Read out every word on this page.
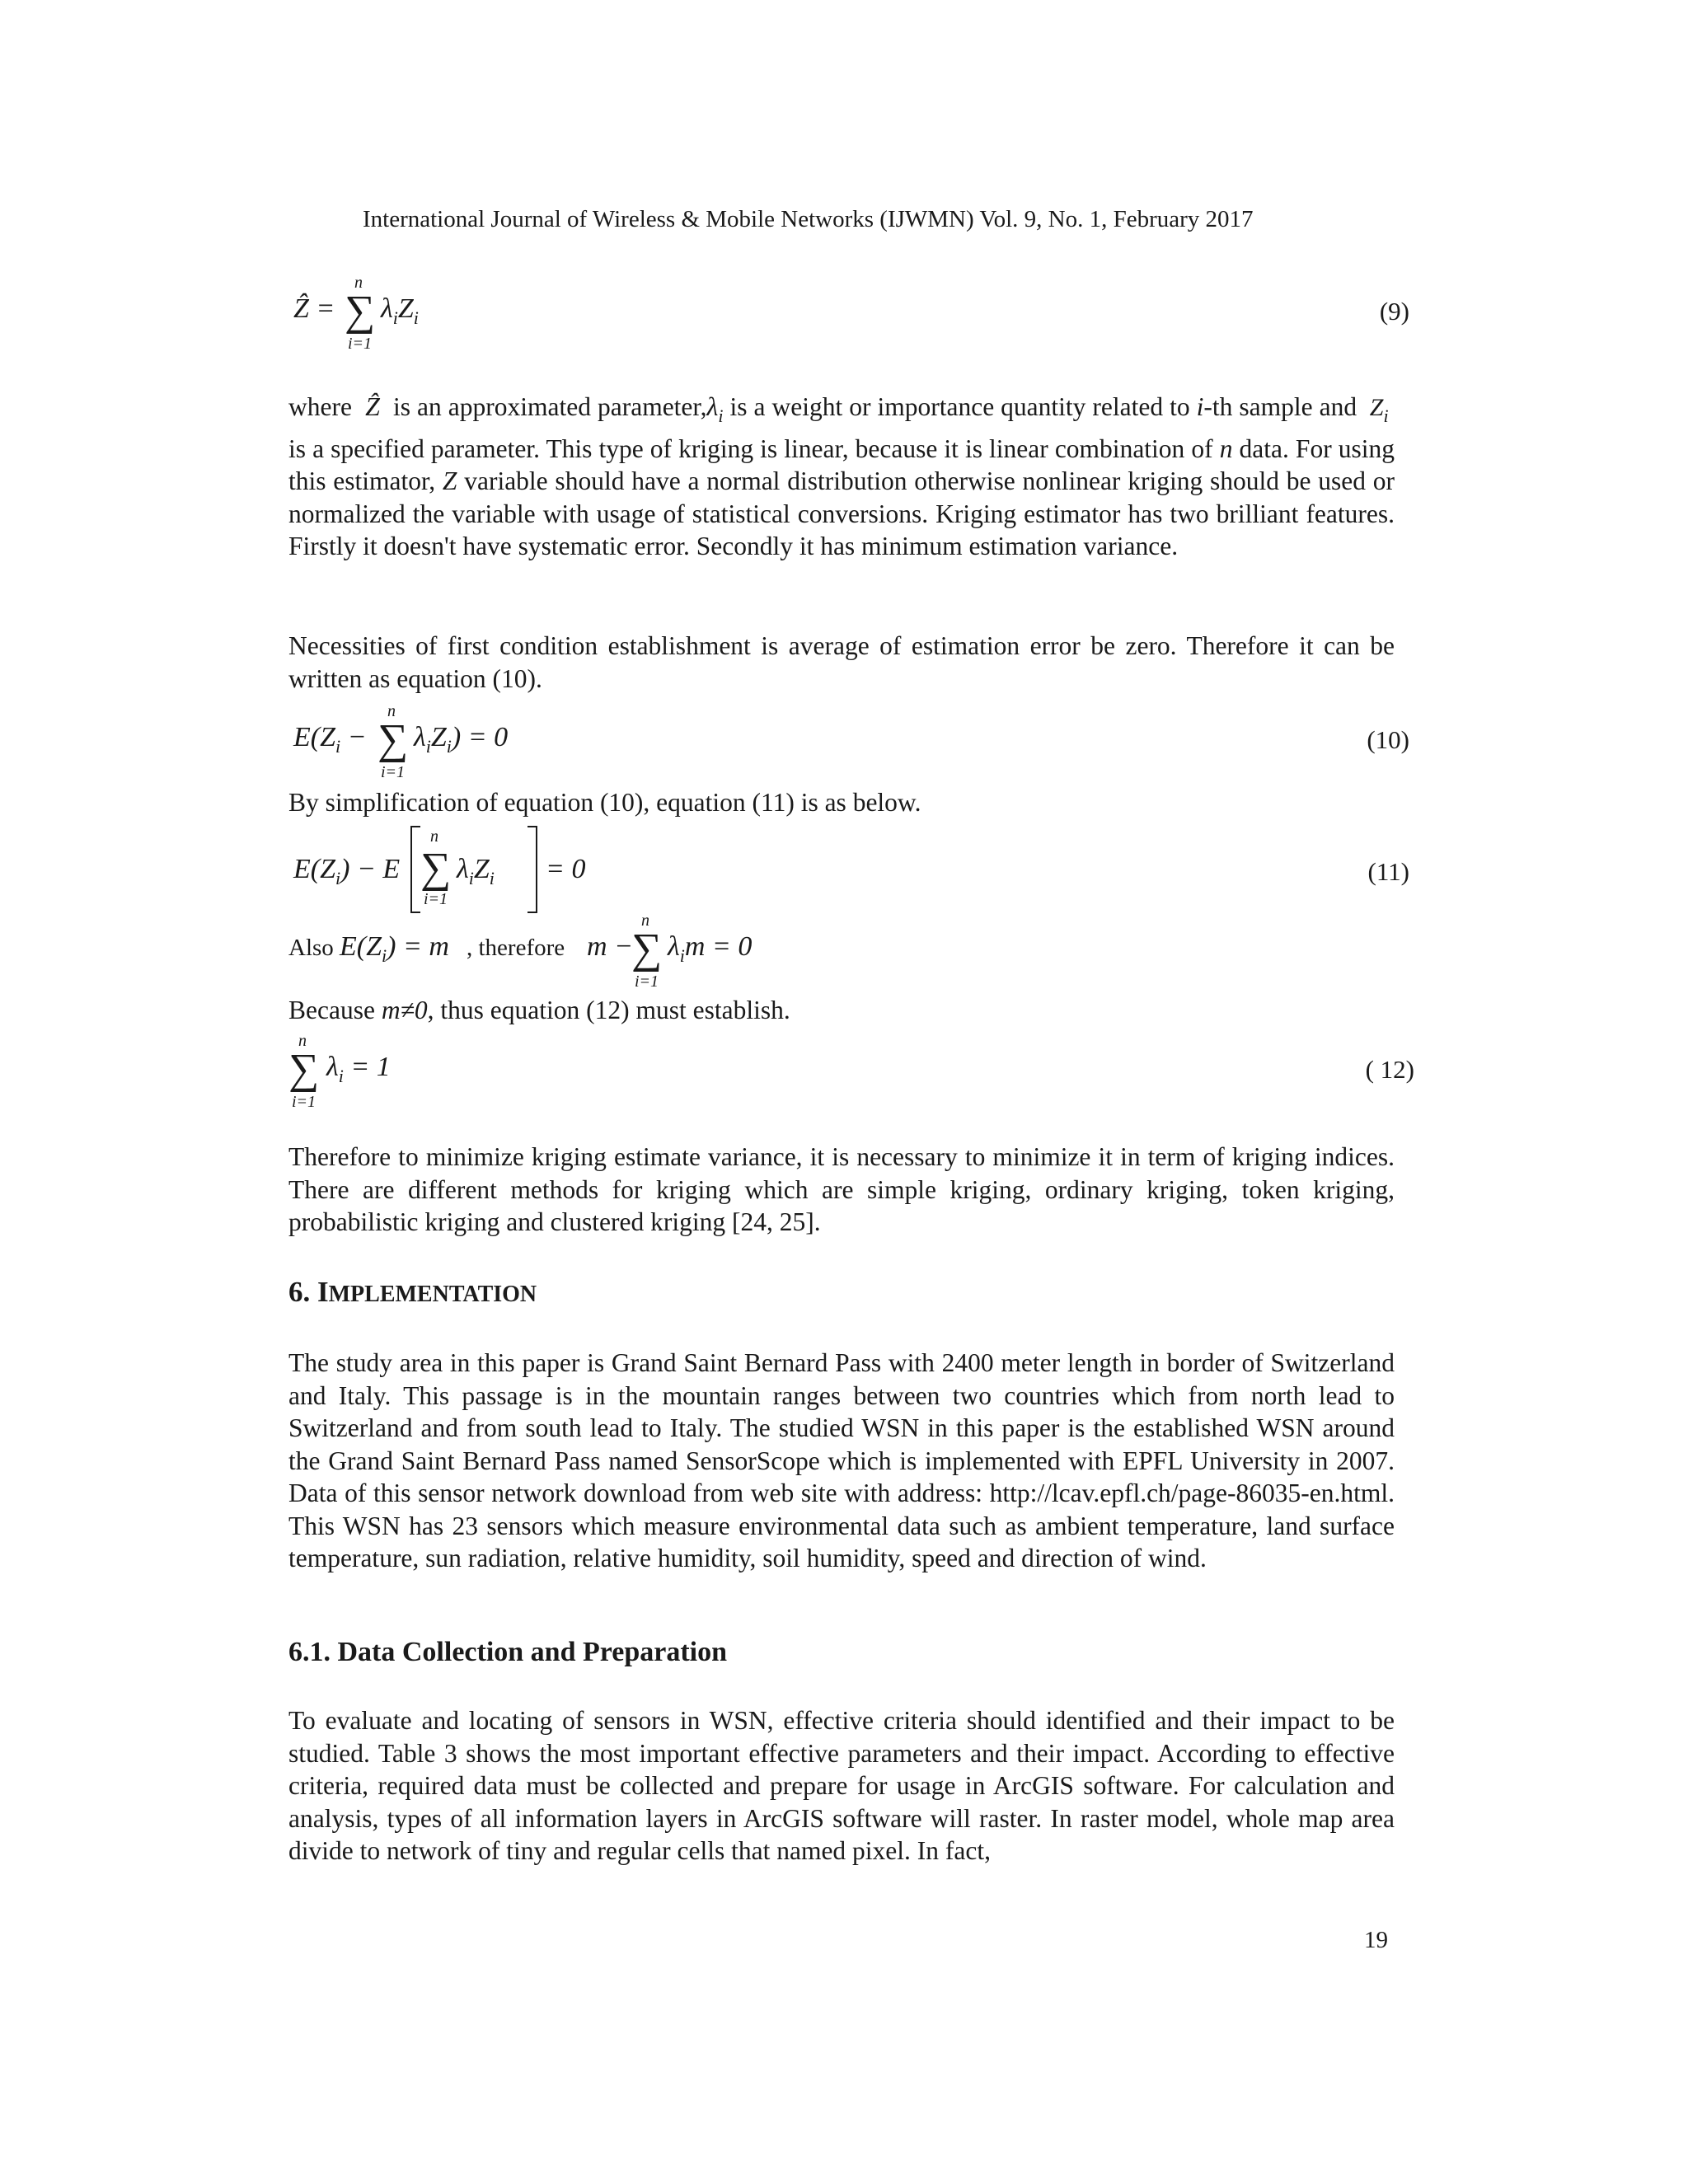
International Journal of Wireless & Mobile Networks (IJWMN) Vol. 9, No. 1, February 2017
Ẑ =
n
∑
i=1
$\lambda_iZ_i$	(9)

where  Ẑ  is an approximated $parameter,\lambda_i$ is a weight or importance quantity related to i-th sample and  $Z_i$  is a specified parameter. This type of kriging is linear, because it is linear combination of n data. For using this estimator, Z variable should have a normal distribution otherwise nonlinear kriging should be used or normalized the variable with usage of statistical conversions. Kriging estimator has two brilliant features. Firstly it doesn't have systematic error. Secondly it has minimum estimation variance.

Necessities of first condition establishment is average of estimation error be zero. Therefore it can be written as equation (10).
$E(Z_i$ −
n
∑
i=1
$\lambda_iZ_i) = 0$	(10)
By simplification of equation (10), equation (11) is as below.
$E(Z_i) - E$
n
∑
i=1
$\lambda_iZ_i = 0$	(11)
Also $E(Z_i) = m$ , therefore m −
n
∑
i=1
$\lambda_im = 0$
Because m≠0, thus equation (12) must establish.
n
∑
i=1
$\lambda_i = 1$	( 12)
Therefore to minimize kriging estimate variance, it is necessary to minimize it in term of kriging indices. There are different methods for kriging which are simple kriging, ordinary kriging, token kriging, probabilistic kriging and clustered kriging [24, 25].
6. IMPLEMENTATION
The study area in this paper is Grand Saint Bernard Pass with 2400 meter length in border of Switzerland and Italy. This passage is in the mountain ranges between two countries which from north lead to Switzerland and from south lead to Italy. The studied WSN in this paper is the established WSN around the Grand Saint Bernard Pass named SensorScope which is implemented with EPFL University in 2007. Data of this sensor network download from web site with address: http://lcav.epfl.ch/page-86035-en.html. This WSN has 23 sensors which measure environmental data such as ambient temperature, land surface temperature, sun radiation, relative humidity, soil humidity, speed and direction of wind.
6.1. Data Collection and Preparation
To evaluate and locating of sensors in WSN, effective criteria should identified and their impact to be studied. Table 3 shows the most important effective parameters and their impact. According to effective criteria, required data must be collected and prepare for usage in ArcGIS software. For calculation and analysis, types of all information layers in ArcGIS software will raster. In raster model, whole map area divide to network of tiny and regular cells that named pixel. In fact,
19
